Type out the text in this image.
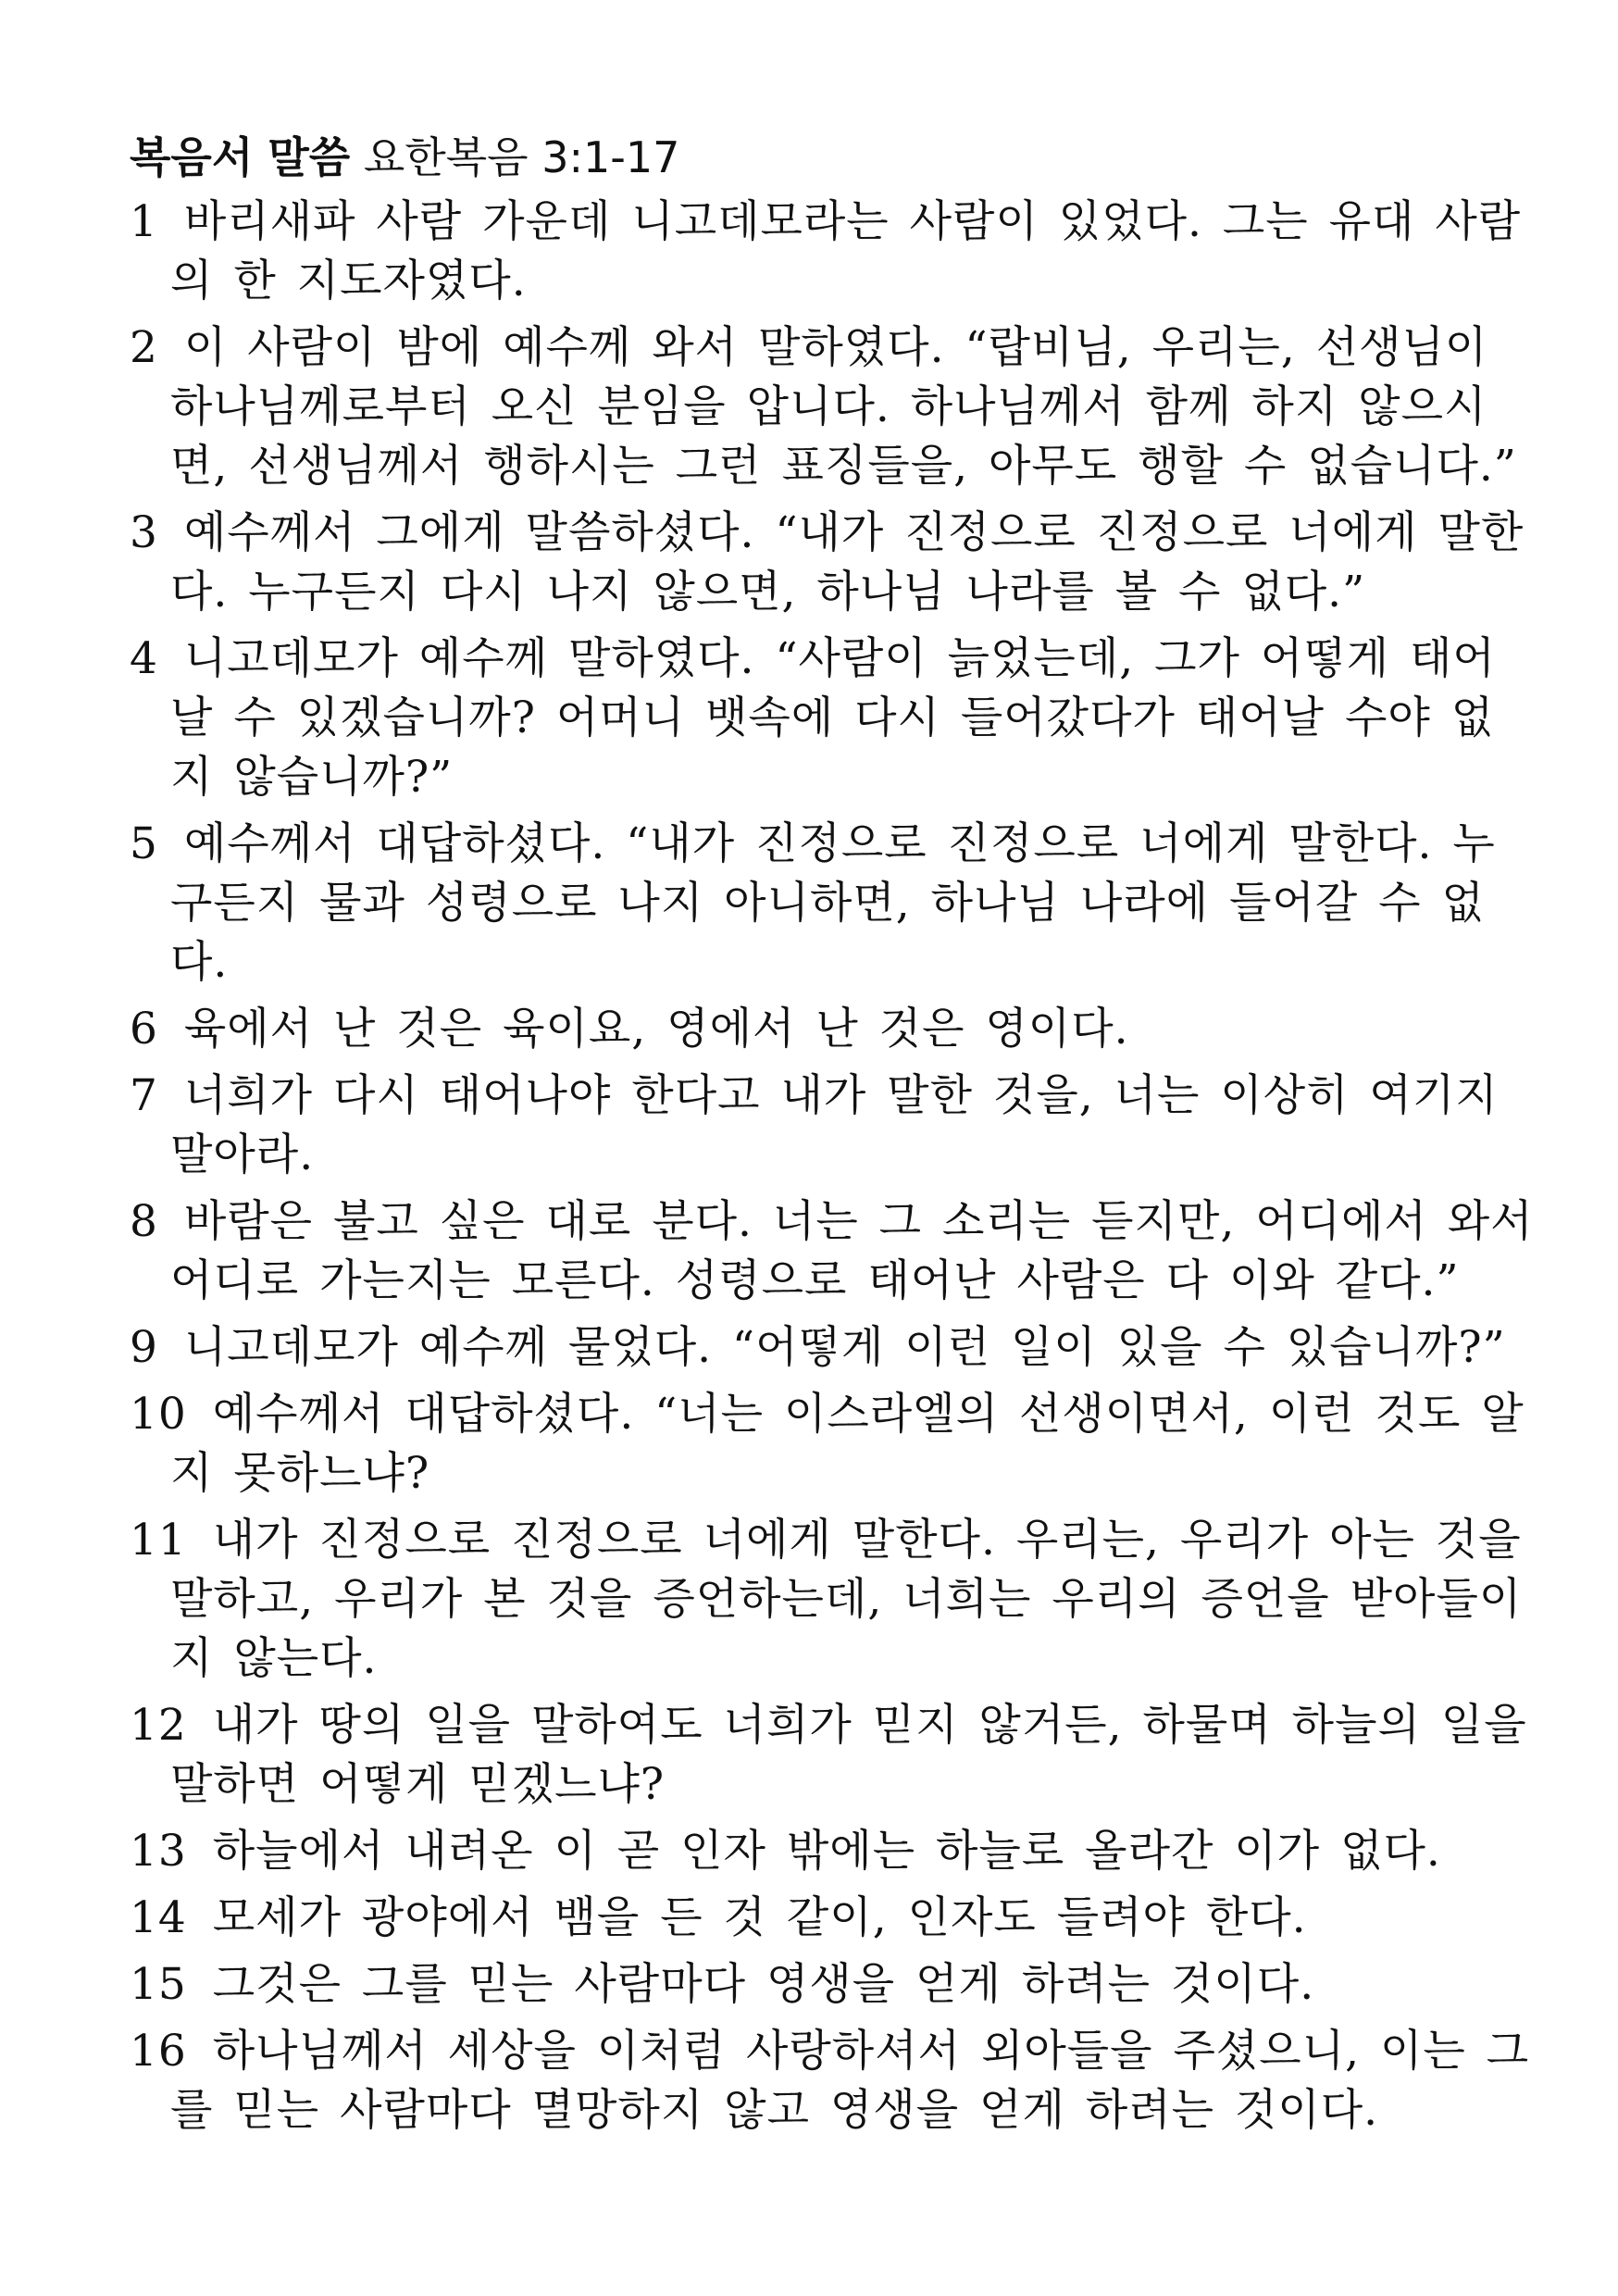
복음서 말씀 요한복음 3:1-17
1 바리새파 사람 가운데 니고데모라는 사람이 있었다. 그는 유대 사람의 한 지도자였다.
2 이 사람이 밤에 예수께 와서 말하였다. “랍비님, 우리는, 선생님이 하나님께로부터 오신 분임을 압니다. 하나님께서 함께 하지 않으시면, 선생님께서 행하시는 그런 표징들을, 아무도 행할 수 없습니다.”
3 예수께서 그에게 말씀하셨다. “내가 진정으로 진정으로 너에게 말한다. 누구든지 다시 나지 않으면, 하나님 나라를 볼 수 없다.”
4 니고데모가 예수께 말하였다. “사람이 늙었는데, 그가 어떻게 태어날 수 있겠습니까? 어머니 뱃속에 다시 들어갔다가 태어날 수야 없지 않습니까?”
5 예수께서 대답하셨다. “내가 진정으로 진정으로 너에게 말한다. 누구든지 물과 성령으로 나지 아니하면, 하나님 나라에 들어갈 수 없다.
6 육에서 난 것은 육이요, 영에서 난 것은 영이다.
7 너희가 다시 태어나야 한다고 내가 말한 것을, 너는 이상히 여기지 말아라.
8 바람은 불고 싶은 대로 분다. 너는 그 소리는 듣지만, 어디에서 와서 어디로 가는지는 모른다. 성령으로 태어난 사람은 다 이와 같다.”
9 니고데모가 예수께 물었다. “어떻게 이런 일이 있을 수 있습니까?”
10 예수께서 대답하셨다. “너는 이스라엘의 선생이면서, 이런 것도 알지 못하느냐?
11 내가 진정으로 진정으로 너에게 말한다. 우리는, 우리가 아는 것을 말하고, 우리가 본 것을 증언하는데, 너희는 우리의 증언을 받아들이지 않는다.
12 내가 땅의 일을 말하여도 너희가 믿지 않거든, 하물며 하늘의 일을 말하면 어떻게 믿겠느냐?
13 하늘에서 내려온 이 곧 인자 밖에는 하늘로 올라간 이가 없다.
14 모세가 광야에서 뱀을 든 것 같이, 인자도 들려야 한다.
15 그것은 그를 믿는 사람마다 영생을 얻게 하려는 것이다.
16 하나님께서 세상을 이처럼 사랑하셔서 외아들을 주셨으니, 이는 그를 믿는 사람마다 멸망하지 않고 영생을 얻게 하려는 것이다.
